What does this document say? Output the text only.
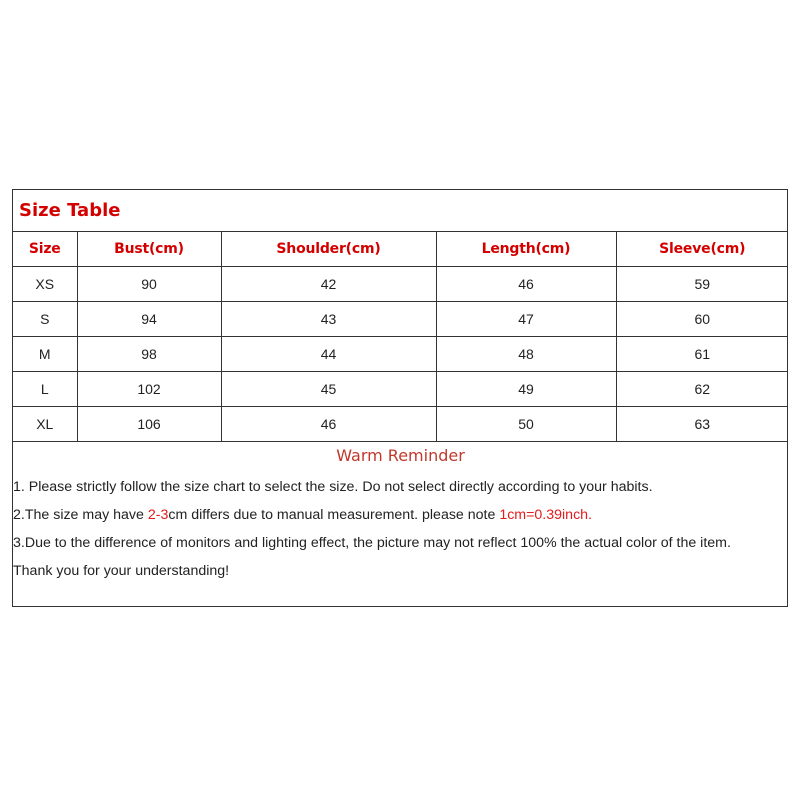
Size Table
Size	Bust(cm)	Shoulder(cm)	Length(cm)	Sleeve(cm)
XS	90	42	46	59
S	94	43	47	60
M	98	44	48	61
L	102	45	49	62
XL	106	46	50	63
Warm Reminder
1. Please strictly follow the size chart to select the size. Do not select directly according to your habits.
2.The size may have 2-3cm differs due to manual measurement. please note 1cm=0.39inch.
3.Due to the difference of monitors and lighting effect, the picture may not reflect 100% the actual color of the item.
Thank you for your understanding!
